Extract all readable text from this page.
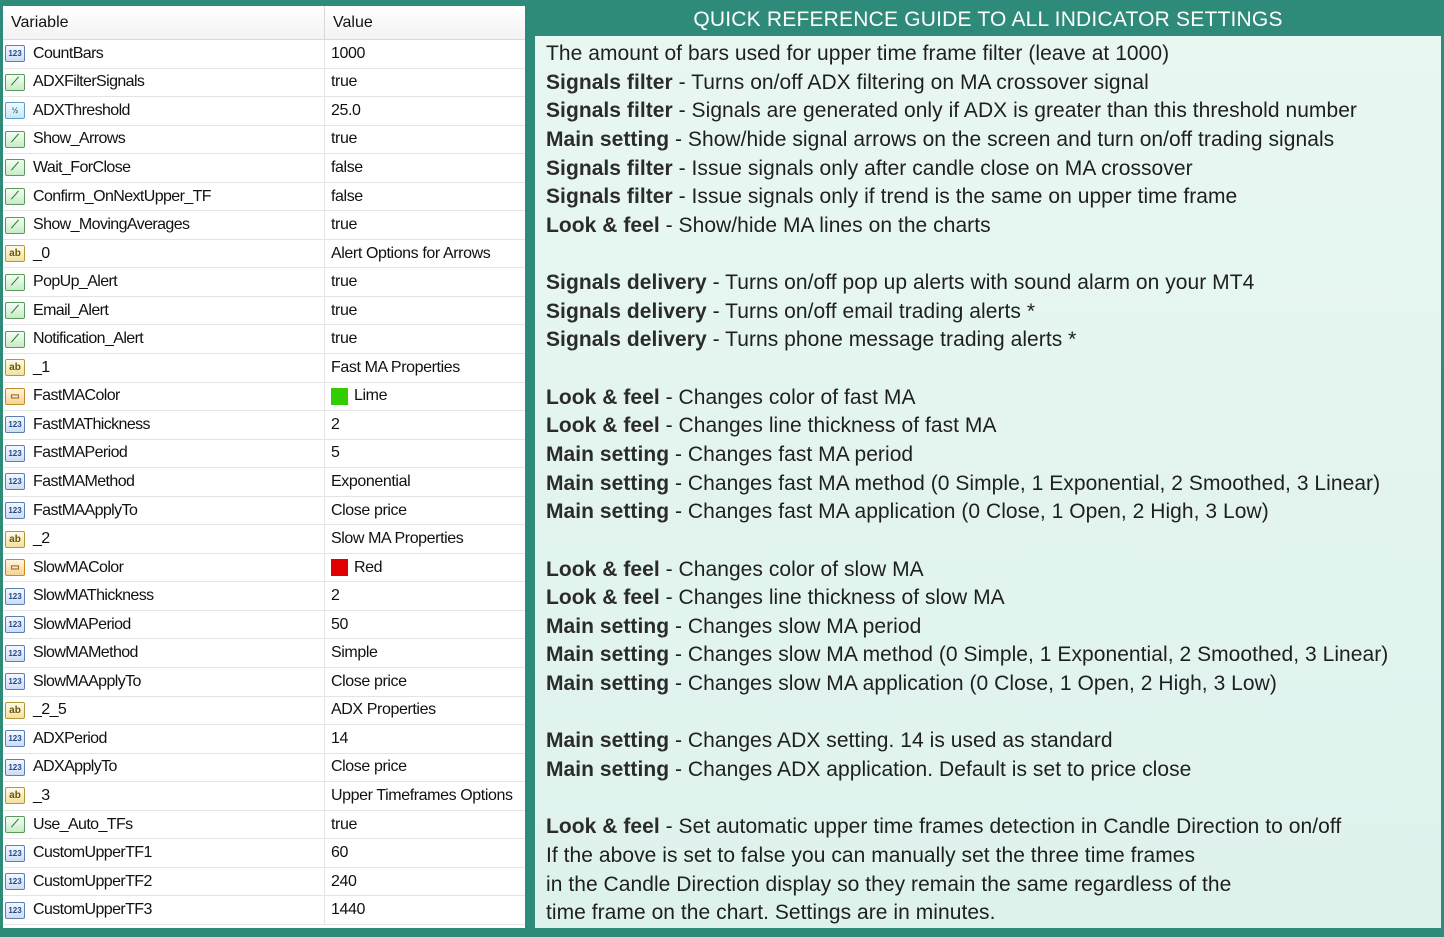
Variable	Value
123 CountBars	1000
⟋ ADXFilterSignals	true
½ ADXThreshold	25.0
⟋ Show_Arrows	true
⟋ Wait_ForClose	false
⟋ Confirm_OnNextUpper_TF	false
⟋ Show_MovingAverages	true
ab _0	Alert Options for Arrows
⟋ PopUp_Alert	true
⟋ Email_Alert	true
⟋ Notification_Alert	true
ab _1	Fast MA Properties
▭ FastMAColor	Lime
123 FastMAThickness	2
123 FastMAPeriod	5
123 FastMAMethod	Exponential
123 FastMAApplyTo	Close price
ab _2	Slow MA Properties
▭ SlowMAColor	Red
123 SlowMAThickness	2
123 SlowMAPeriod	50
123 SlowMAMethod	Simple
123 SlowMAApplyTo	Close price
ab _2_5	ADX Properties
123 ADXPeriod	14
123 ADXApplyTo	Close price
ab _3	Upper Timeframes Options
⟋ Use_Auto_TFs	true
123 CustomUpperTF1	60
123 CustomUpperTF2	240
123 CustomUpperTF3	1440
QUICK REFERENCE GUIDE TO ALL INDICATOR SETTINGS
The amount of bars used for upper time frame filter (leave at 1000)
Signals filter - Turns on/off ADX filtering on MA crossover signal
Signals filter - Signals are generated only if ADX is greater than this threshold number
Main setting - Show/hide signal arrows on the screen and turn on/off trading signals
Signals filter - Issue signals only after candle close on MA crossover
Signals filter - Issue signals only if trend is the same on upper time frame
Look & feel - Show/hide MA lines on the charts
Signals delivery - Turns on/off pop up alerts with sound alarm on your MT4
Signals delivery - Turns on/off email trading alerts *
Signals delivery - Turns phone message trading alerts *
Look & feel - Changes color of fast MA
Look & feel - Changes line thickness of fast MA
Main setting - Changes fast MA period
Main setting - Changes fast MA method (0 Simple, 1 Exponential, 2 Smoothed, 3 Linear)
Main setting - Changes fast MA application (0 Close, 1 Open, 2 High, 3 Low)
Look & feel - Changes color of slow MA
Look & feel - Changes line thickness of slow MA
Main setting - Changes slow MA period
Main setting - Changes slow MA method (0 Simple, 1 Exponential, 2 Smoothed, 3 Linear)
Main setting - Changes slow MA application (0 Close, 1 Open, 2 High, 3 Low)
Main setting - Changes ADX setting. 14 is used as standard
Main setting - Changes ADX application. Default is set to price close
Look & feel - Set automatic upper time frames detection in Candle Direction to on/off
If the above is set to false you can manually set the three time frames
in the Candle Direction display so they remain the same regardless of the
time frame on the chart. Settings are in minutes.
